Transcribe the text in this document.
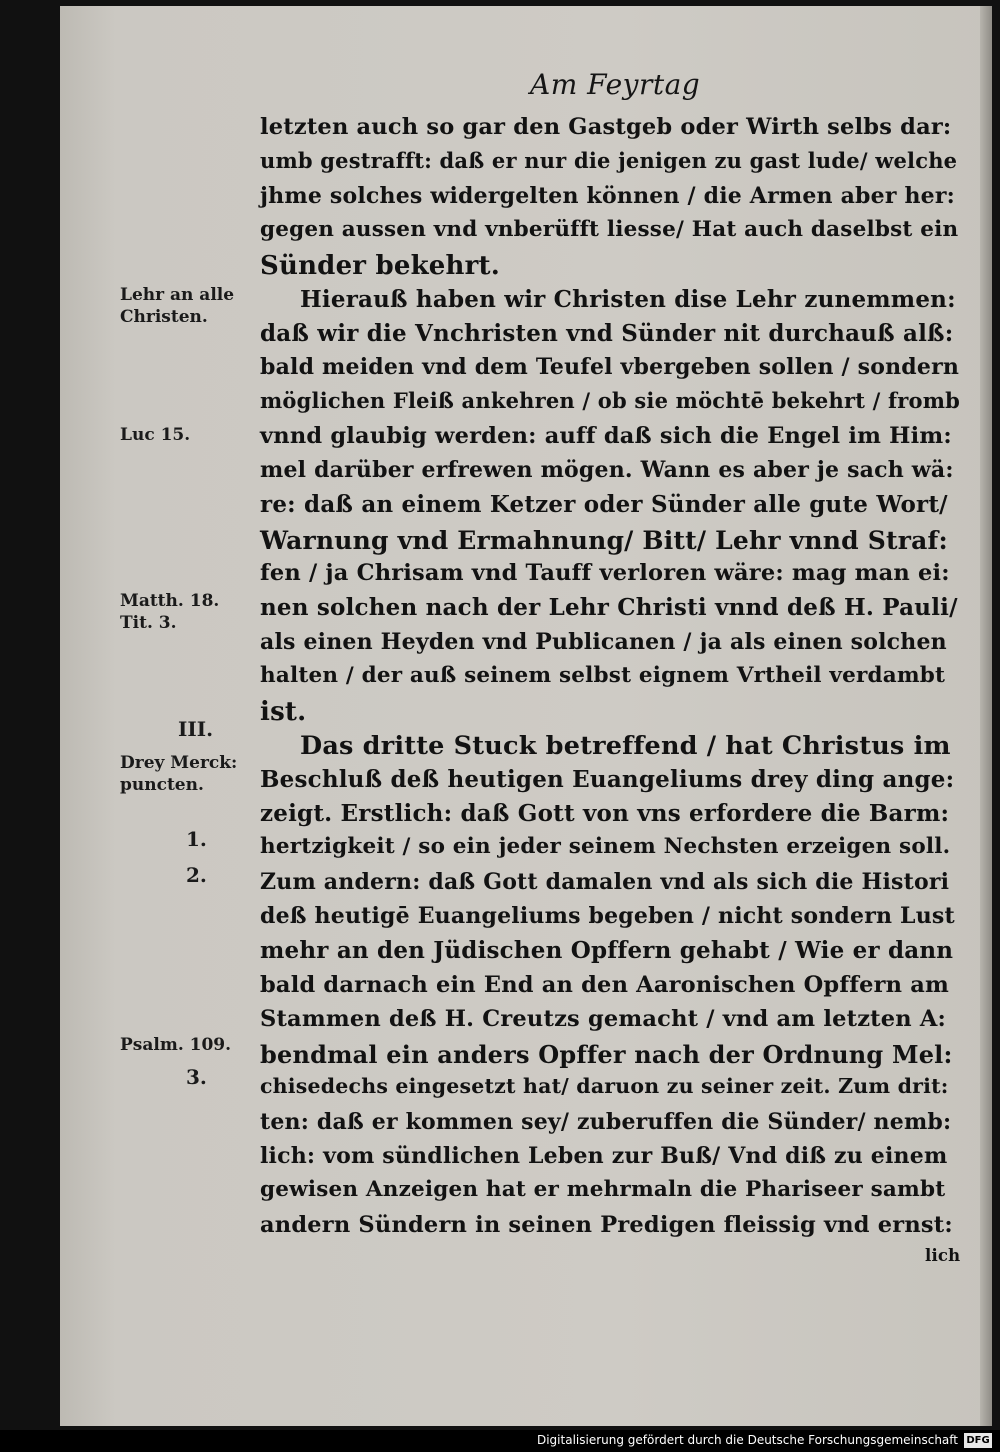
Am Feyrtag
letzten auch so gar den Gastgeb oder Wirth selbs dar:
umb gestrafft: daß er nur die jenigen zu gast lude/ welche
jhme solches widergelten können / die Armen aber her:
gegen aussen vnd vnberüfft liesse/ Hat auch daselbst ein
Sünder bekehrt.
Hierauß haben wir Christen dise Lehr zunemmen:
daß wir die Vnchristen vnd Sünder nit durchauß alß:
bald meiden vnd dem Teufel vbergeben sollen / sondern
möglichen Fleiß ankehren / ob sie möchtē bekehrt / fromb
vnnd glaubig werden: auff daß sich die Engel im Him:
mel darüber erfrewen mögen. Wann es aber je sach wä:
re: daß an einem Ketzer oder Sünder alle gute Wort/
Warnung vnd Ermahnung/ Bitt/ Lehr vnnd Straf:
fen / ja Chrisam vnd Tauff verloren wäre: mag man ei:
nen solchen nach der Lehr Christi vnnd deß H. Pauli/
als einen Heyden vnd Publicanen / ja als einen solchen
halten / der auß seinem selbst eignem Vrtheil verdambt
ist.
Das dritte Stuck betreffend / hat Christus im
Beschluß deß heutigen Euangeliums drey ding ange:
zeigt. Erstlich: daß Gott von vns erfordere die Barm:
hertzigkeit / so ein jeder seinem Nechsten erzeigen soll.
Zum andern: daß Gott damalen vnd als sich die Histori
deß heutigē Euangeliums begeben / nicht sondern Lust
mehr an den Jüdischen Opffern gehabt / Wie er dann
bald darnach ein End an den Aaronischen Opffern am
Stammen deß H. Creutzs gemacht / vnd am letzten A:
bendmal ein anders Opffer nach der Ordnung Mel:
chisedechs eingesetzt hat/ daruon zu seiner zeit. Zum drit:
ten: daß er kommen sey/ zuberuffen die Sünder/ nemb:
lich: vom sündlichen Leben zur Buß/ Vnd diß zu einem
gewisen Anzeigen hat er mehrmaln die Phariseer sambt
andern Sündern in seinen Predigen fleissig vnd ernst:
lich
Lehr an alle
Christen.
Luc 15.
Matth. 18.
Tit. 3.
III.
Drey Merck:
puncten.
1.
2.
Psalm. 109.
3.
Digitalisierung gefördert durch die Deutsche Forschungsgemeinschaft DFG
